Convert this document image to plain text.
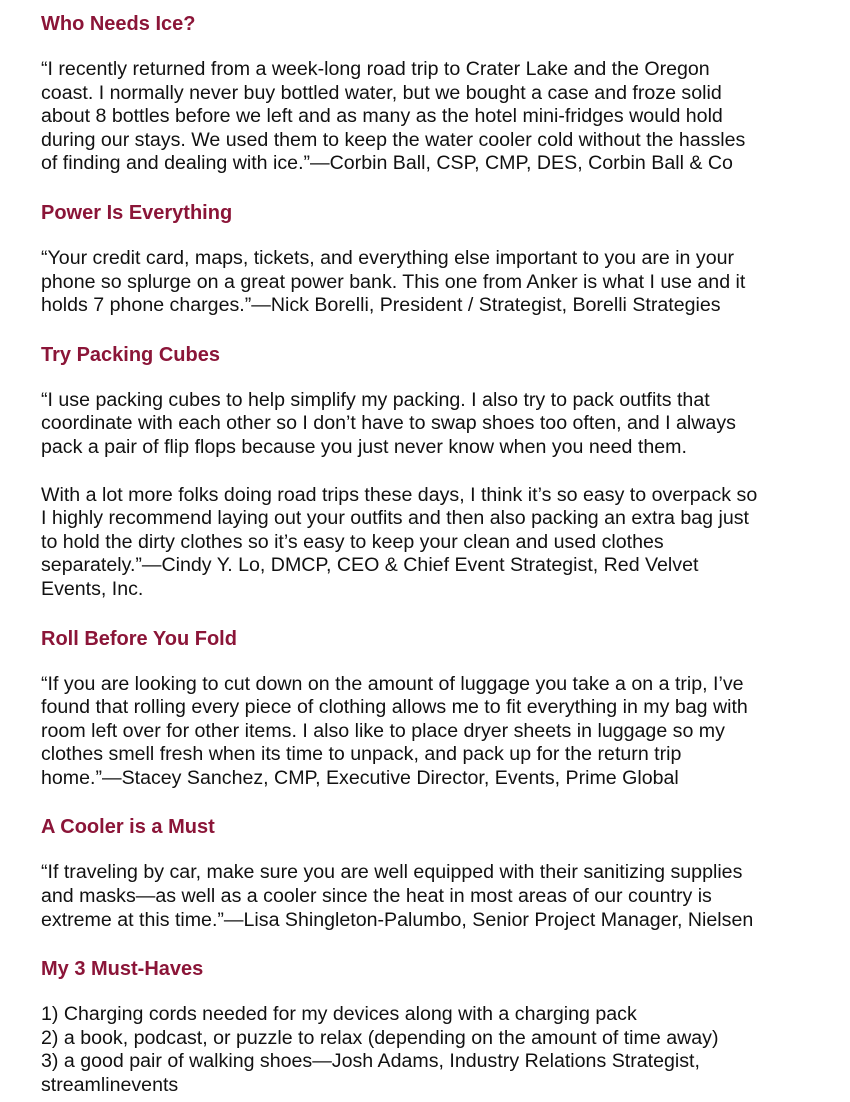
Who Needs Ice?
“I recently returned from a week-long road trip to Crater Lake and the Oregon
coast. I normally never buy bottled water, but we bought a case and froze solid
about 8 bottles before we left and as many as the hotel mini-fridges would hold
during our stays. We used them to keep the water cooler cold without the hassles
of finding and dealing with ice.”—Corbin Ball, CSP, CMP, DES, Corbin Ball & Co
Power Is Everything
“Your credit card, maps, tickets, and everything else important to you are in your
phone so splurge on a great power bank. This one from Anker is what I use and it
holds 7 phone charges.”—Nick Borelli, President / Strategist, Borelli Strategies
Try Packing Cubes
“I use packing cubes to help simplify my packing. I also try to pack outfits that
coordinate with each other so I don’t have to swap shoes too often, and I always
pack a pair of flip flops because you just never know when you need them.
With a lot more folks doing road trips these days, I think it’s so easy to overpack so
I highly recommend laying out your outfits and then also packing an extra bag just
to hold the dirty clothes so it’s easy to keep your clean and used clothes
separately.”—Cindy Y. Lo, DMCP, CEO & Chief Event Strategist, Red Velvet
Events, Inc.
Roll Before You Fold
“If you are looking to cut down on the amount of luggage you take a on a trip, I’ve
found that rolling every piece of clothing allows me to fit everything in my bag with
room left over for other items. I also like to place dryer sheets in luggage so my
clothes smell fresh when its time to unpack, and pack up for the return trip
home.”—Stacey Sanchez, CMP, Executive Director, Events, Prime Global
A Cooler is a Must
“If traveling by car, make sure you are well equipped with their sanitizing supplies
and masks—as well as a cooler since the heat in most areas of our country is
extreme at this time.”—Lisa Shingleton-Palumbo, Senior Project Manager, Nielsen
My 3 Must-Haves
1) Charging cords needed for my devices along with a charging pack
2) a book, podcast, or puzzle to relax (depending on the amount of time away)
3) a good pair of walking shoes—Josh Adams, Industry Relations Strategist,
streamlinevents
